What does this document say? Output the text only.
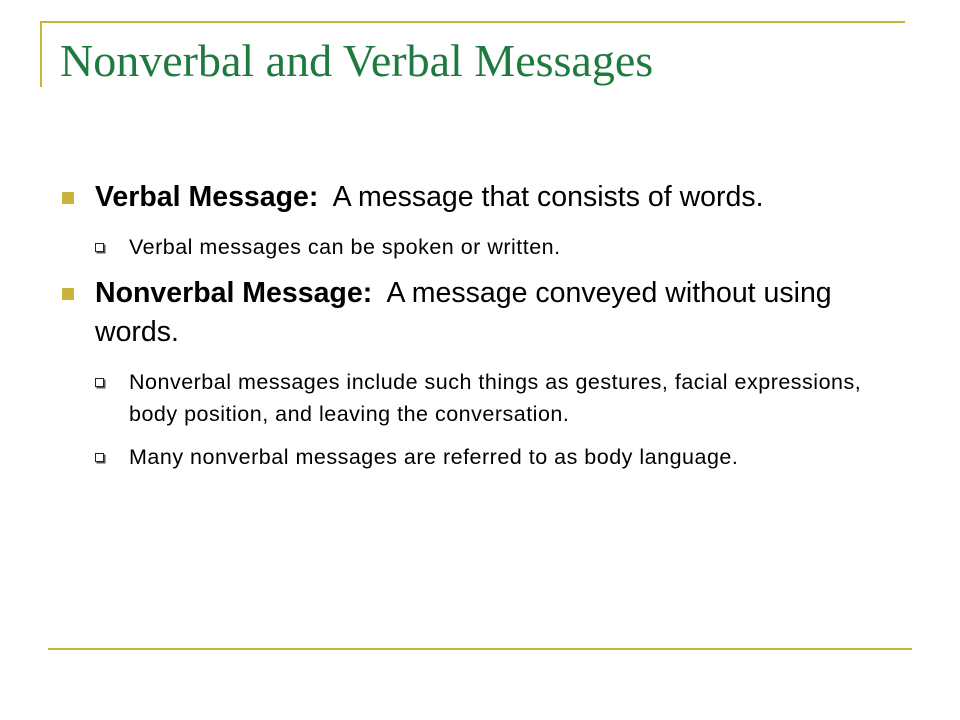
Nonverbal and Verbal Messages
Verbal Message: A message that consists of words.
Verbal messages can be spoken or written.
Nonverbal Message: A message conveyed without using words.
Nonverbal messages include such things as gestures, facial expressions, body position, and leaving the conversation.
Many nonverbal messages are referred to as body language.
